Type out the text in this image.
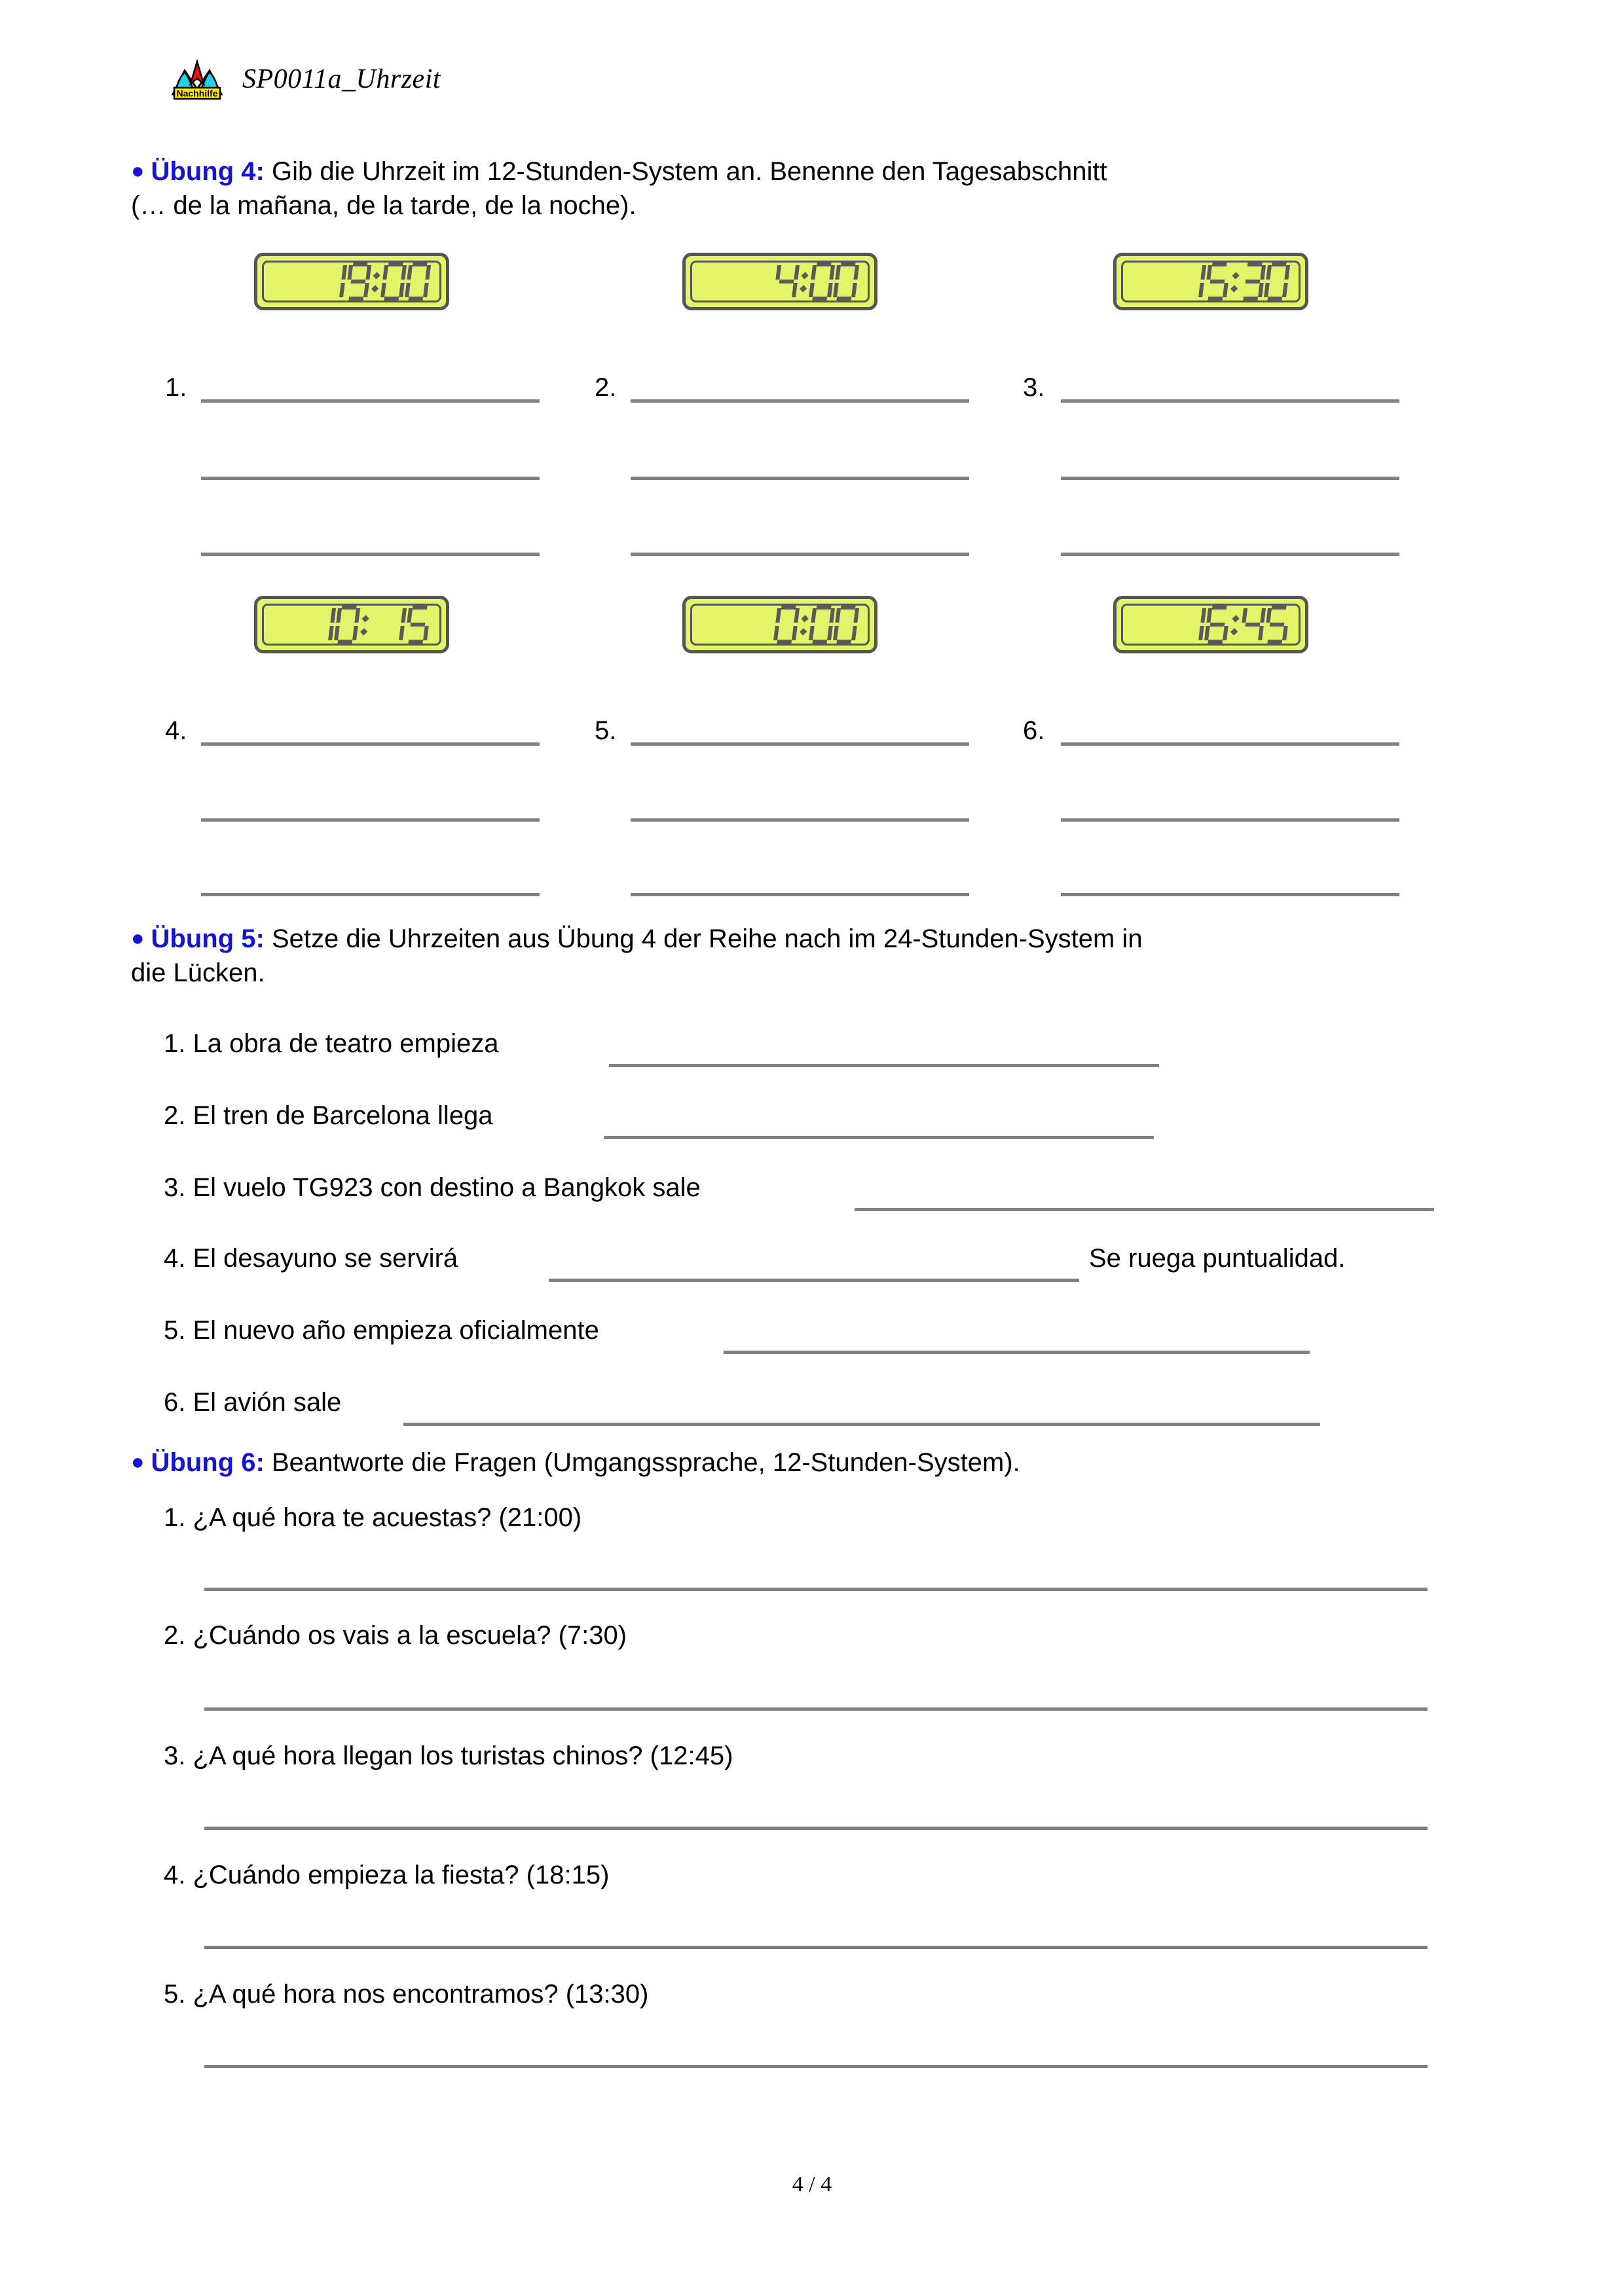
Nachhilfe SP0011a_Uhrzeit
● Übung 4: Gib die Uhrzeit im 12-Stunden-System an. Benenne den Tagesabschnitt
(… de la mañana, de la tarde, de la noche).
1.	2.	3.
4.	5.	6.
● Übung 5: Setze die Uhrzeiten aus Übung 4 der Reihe nach im 24-Stunden-System in
die Lücken.
1. La obra de teatro empieza
2. El tren de Barcelona llega
3. El vuelo TG923 con destino a Bangkok sale
4. El desayuno se servirá	Se ruega puntualidad.
5. El nuevo año empieza oficialmente
6. El avión sale
● Übung 6: Beantworte die Fragen (Umgangssprache, 12-Stunden-System).
1. ¿A qué hora te acuestas? (21:00)
2. ¿Cuándo os vais a la escuela? (7:30)
3. ¿A qué hora llegan los turistas chinos? (12:45)
4. ¿Cuándo empieza la fiesta? (18:15)
5. ¿A qué hora nos encontramos? (13:30)
4 / 4
